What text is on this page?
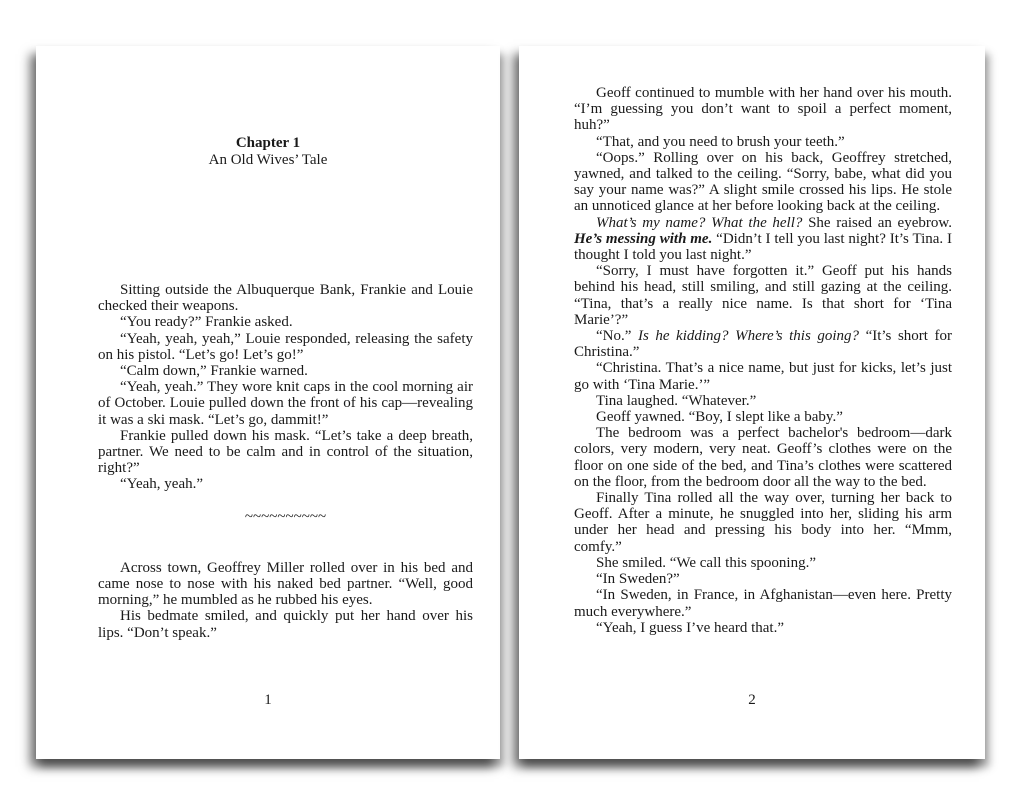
Chapter 1
An Old Wives’ Tale

Sitting outside the Albuquerque Bank, Frankie and Louie checked their weapons.

“You ready?” Frankie asked.

“Yeah, yeah, yeah,” Louie responded, releasing the safety on his pistol. “Let’s go! Let’s go!”

“Calm down,” Frankie warned.

“Yeah, yeah.” They wore knit caps in the cool morning air of October. Louie pulled down the front of his cap—revealing it was a ski mask. “Let’s go, dammit!”

Frankie pulled down his mask. “Let’s take a deep breath, partner. We need to be calm and in control of the situation, right?”

“Yeah, yeah.”

~~~~~~~~~~

Across town, Geoffrey Miller rolled over in his bed and came nose to nose with his naked bed partner. “Well, good morning,” he mumbled as he rubbed his eyes.

His bedmate smiled, and quickly put her hand over his lips. “Don’t speak.”

1

Geoff continued to mumble with her hand over his mouth. “I’m guessing you don’t want to spoil a perfect moment, huh?”

“That, and you need to brush your teeth.”

“Oops.” Rolling over on his back, Geoffrey stretched, yawned, and talked to the ceiling. “Sorry, babe, what did you say your name was?” A slight smile crossed his lips. He stole an unnoticed glance at her before looking back at the ceiling.

What’s my name? What the hell? She raised an eyebrow. He’s messing with me. “Didn’t I tell you last night? It’s Tina. I thought I told you last night.”

“Sorry, I must have forgotten it.” Geoff put his hands behind his head, still smiling, and still gazing at the ceiling. “Tina, that’s a really nice name. Is that short for ‘Tina Marie’?”

“No.” Is he kidding? Where’s this going? “It’s short for Christina.”

“Christina. That’s a nice name, but just for kicks, let’s just go with ‘Tina Marie.’”

Tina laughed. “Whatever.”

Geoff yawned. “Boy, I slept like a baby.”

The bedroom was a perfect bachelor's bedroom—dark colors, very modern, very neat. Geoff’s clothes were on the floor on one side of the bed, and Tina’s clothes were scattered on the floor, from the bedroom door all the way to the bed.

Finally Tina rolled all the way over, turning her back to Geoff. After a minute, he snuggled into her, sliding his arm under her head and pressing his body into her. “Mmm, comfy.”

She smiled. “We call this spooning.”

“In Sweden?”

“In Sweden, in France, in Afghanistan—even here. Pretty much everywhere.”

“Yeah, I guess I’ve heard that.”

2
